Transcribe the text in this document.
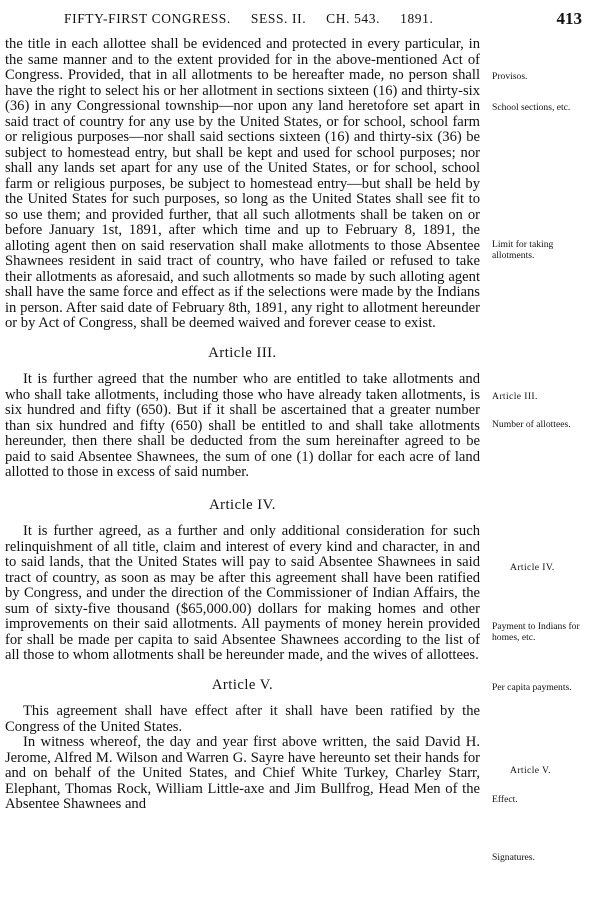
FIFTY-FIRST CONGRESS. SESS. II. CH. 543. 1891.	413

the title in each allottee shall be evidenced and protected in every particular, in the same manner and to the extent provided for in the above-mentioned Act of Congress. Provided, that in all allotments to be hereafter made, no person shall have the right to select his or her allotment in sections sixteen (16) and thirty-six (36) in any Congressional township—nor upon any land heretofore set apart in said tract of country for any use by the United States, or for school, school farm or religious purposes—nor shall said sections sixteen (16) and thirty-six (36) be subject to homestead entry, but shall be kept and used for school purposes; nor shall any lands set apart for any use of the United States, or for school, school farm or religious purposes, be subject to homestead entry—but shall be held by the United States for such purposes, so long as the United States shall see fit to so use them; and provided further, that all such allotments shall be taken on or before January 1st, 1891, after which time and up to February 8, 1891, the alloting agent then on said reservation shall make allotments to those Absentee Shawnees resident in said tract of country, who have failed or refused to take their allotments as aforesaid, and such allotments so made by such alloting agent shall have the same force and effect as if the selections were made by the Indians in person. After said date of February 8th, 1891, any right to allotment hereunder or by Act of Congress, shall be deemed waived and forever cease to exist.

Article III.

It is further agreed that the number who are entitled to take allotments and who shall take allotments, including those who have already taken allotments, is six hundred and fifty (650). But if it shall be ascertained that a greater number than six hundred and fifty (650) shall be entitled to and shall take allotments hereunder, then there shall be deducted from the sum hereinafter agreed to be paid to said Absentee Shawnees, the sum of one (1) dollar for each acre of land allotted to those in excess of said number.

Article IV.

It is further agreed, as a further and only additional consideration for such relinquishment of all title, claim and interest of every kind and character, in and to said lands, that the United States will pay to said Absentee Shawnees in said tract of country, as soon as may be after this agreement shall have been ratified by Congress, and under the direction of the Commissioner of Indian Affairs, the sum of sixty-five thousand ($65,000.00) dollars for making homes and other improvements on their said allotments. All payments of money herein provided for shall be made per capita to said Absentee Shawnees according to the list of all those to whom allotments shall be hereunder made, and the wives of allottees.

Article V.

This agreement shall have effect after it shall have been ratified by the Congress of the United States.

In witness whereof, the day and year first above written, the said David H. Jerome, Alfred M. Wilson and Warren G. Sayre have hereunto set their hands for and on behalf of the United States, and Chief White Turkey, Charley Starr, Elephant, Thomas Rock, William Little-axe and Jim Bullfrog, Head Men of the Absentee Shawnees and

Provisos.
School sections, etc.
Limit for taking allotments.
Article III.
Number of allottees.
Article IV.
Payment to Indians for homes, etc.
Per capita payments.
Article V.
Effect.
Signatures.
